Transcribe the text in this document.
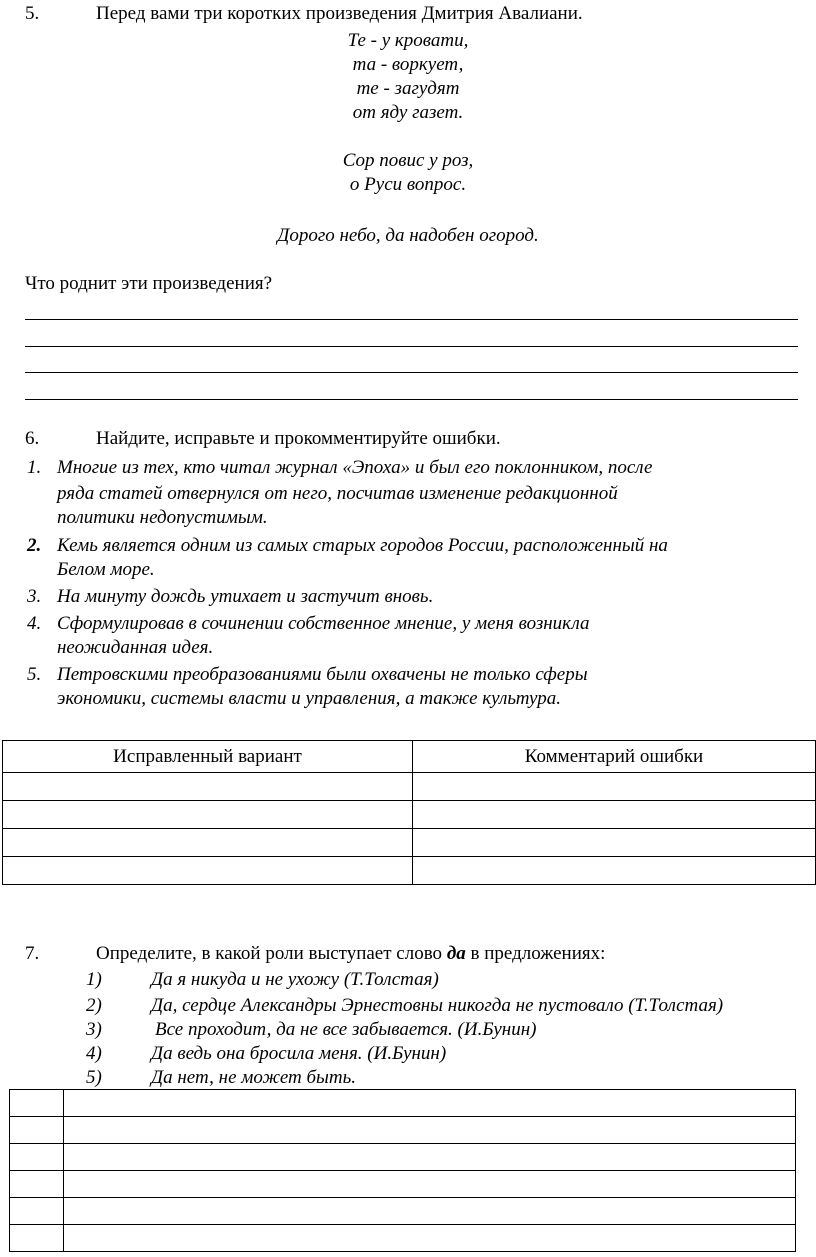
5.	Перед вами три коротких произведения Дмитрия Авалиани.
Те - у кровати,
та - воркует,
те - загудят
от яду газет.
Сор повис у роз,
о Руси вопрос.
Дорого небо, да надобен огород.
Что роднит эти произведения?
6.	Найдите, исправьте и прокомментируйте ошибки.
1. Многие из тех, кто читал журнал «Эпоха» и был его поклонником, после
ряда статей отвернулся от него, посчитав изменение редакционной
политики недопустимым.
2. Кемь является одним из самых старых городов России, расположенный на
Белом море.
3. На минуту дождь утихает и застучит вновь.
4. Сформулировав в сочинении собственное мнение, у меня возникла
неожиданная идея.
5. Петровскими преобразованиями были охвачены не только сферы
экономики, системы власти и управления, а также культура.
Исправленный вариант	Комментарий ошибки

7.	Определите, в какой роли выступает слово да в предложениях:
1)	Да я никуда и не ухожу (Т.Толстая)
2)	Да, сердце Александры Эрнестовны никогда не пустовало (Т.Толстая)
3)	Все проходит, да не все забывается. (И.Бунин)
4)	Да ведь она бросила меня. (И.Бунин)
5)	Да нет, не может быть.
